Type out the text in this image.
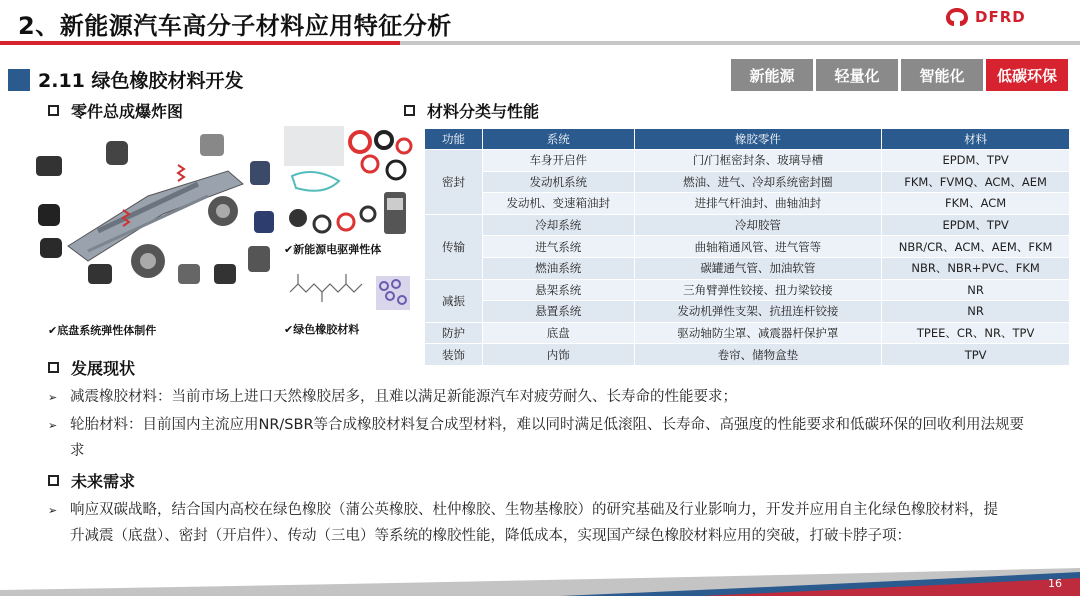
2、新能源汽车高分子材料应用特征分析	DFRD
2.11 绿色橡胶材料开发	新能源	轻量化	智能化	低碳环保
零件总成爆炸图
✔底盘系统弹性体制件
✔新能源电驱弹性体
✔绿色橡胶材料
材料分类与性能
功能	系统	橡胶零件	材料
密封	车身开启件	门/门框密封条、玻璃导槽	EPDM、TPV
	发动机系统	燃油、进气、冷却系统密封圈	FKM、FVMQ、ACM、AEM
	发动机、变速箱油封	进排气杆油封、曲轴油封	FKM、ACM
传输	冷却系统	冷却胶管	EPDM、TPV
	进气系统	曲轴箱通风管、进气管等	NBR/CR、ACM、AEM、FKM
	燃油系统	碳罐通气管、加油软管	NBR、NBR+PVC、FKM
减振	悬架系统	三角臂弹性铰接、扭力梁铰接	NR
	悬置系统	发动机弹性支架、抗扭连杆铰接	NR
防护	底盘	驱动轴防尘罩、减震器杆保护罩	TPEE、CR、NR、TPV
装饰	内饰	卷帘、储物盒垫	TPV
发展现状
➢ 减震橡胶材料：当前市场上进口天然橡胶居多，且难以满足新能源汽车对疲劳耐久、长寿命的性能要求；
➢ 轮胎材料：目前国内主流应用NR/SBR等合成橡胶材料复合成型材料，难以同时满足低滚阻、长寿命、高强度的性能要求和低碳环保的回收利用法规要求
未来需求
➢ 响应双碳战略，结合国内高校在绿色橡胶（蒲公英橡胶、杜仲橡胶、生物基橡胶）的研究基础及行业影响力，开发并应用自主化绿色橡胶材料，提升减震（底盘）、密封（开启件）、传动（三电）等系统的橡胶性能，降低成本，实现国产绿色橡胶材料应用的突破，打破卡脖子项：
16
